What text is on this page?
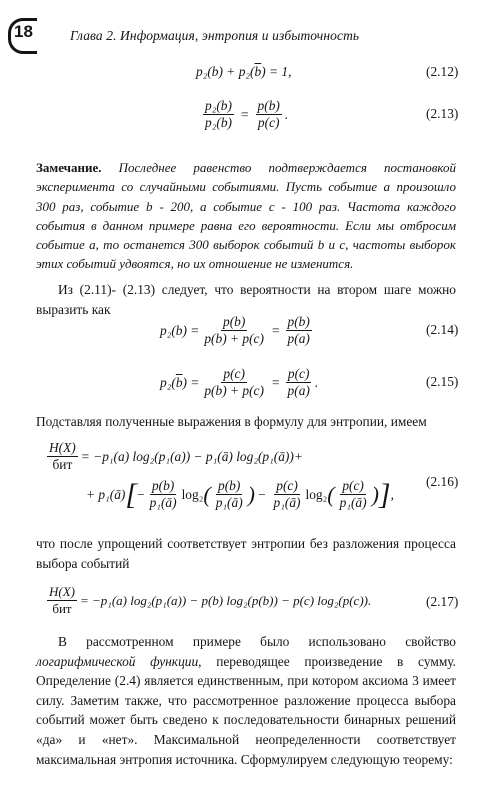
18	Глава 2. Информация, энтропия и избыточность
p₂(b) + p₂( $\overline{b}$ ) = 1,	(2.12)
$\frac{\text{p₂(b)}}{p_2(\overline{b})} = \frac{p(b)}{p(c)}$ .	(2.13)
Замечание. Последнее равенство подтверждается постановкой эксперимента со случайными событиями. Пусть событие a произошло 300 раз, событие b - 200, а событие c - 100 раз. Частота каждого события в данном примере равна его вероятности. Если мы отбросим событие a, то останется 300 выборок событий b и c, частоты выборок этих событий удвоятся, но их отношение не изменится.
Из (2.11)- (2.13) следует, что вероятности на втором шаге можно выразить как
$p_2(b) = \frac{p(b)}{p(b) + p(c)} = \frac{p(b)}{p(\overline{a})}$	(2.14)
p₂( $\overline{b}$ ) = $\frac{p(c)}{p(b) + p(c)} = \frac{p(c)}{p(\overline{a})}$ .	(2.15)
Подставляя полученные выражения в формулу для энтропии, имеем
$\frac{H(X)}{\text{бит}} = -p_1(a) \log_2(p_1(a))$ − p₁(ā) log₂(p₁(ā))+
+ p₁(ā) [ − $\frac{p(b)}{\text{p₁(ā)}} \log_2$ ( $\frac{p(b)}{\text{p₁(ā)}}$ ) − $\frac{p(c)}{\text{p₁(ā)}} \log_2$ ( $\frac{p(c)}{\text{p₁(ā)}}$ ) ] ,
(2.16)
что после упрощений соответствует энтропии без разложения процесса выбора событий
$\frac{H(X)}{\text{бит}} = -p_1(a) \log_2(p_1(a)) - p(b) \log_2(p(b)) - p(c)$ log₂(p(c)).	(2.17)
В рассмотренном примере было использовано свойство логарифмической функции, переводящее произведение в сумму. Определение (2.4) является единственным, при котором аксиома 3 имеет силу. Заметим также, что рассмотренное разложение процесса выбора событий может быть сведено к последовательности бинарных решений «да» и «нет». Максимальной неопределенности соответствует максимальная энтропия источника. Сформулируем следующую теорему:
